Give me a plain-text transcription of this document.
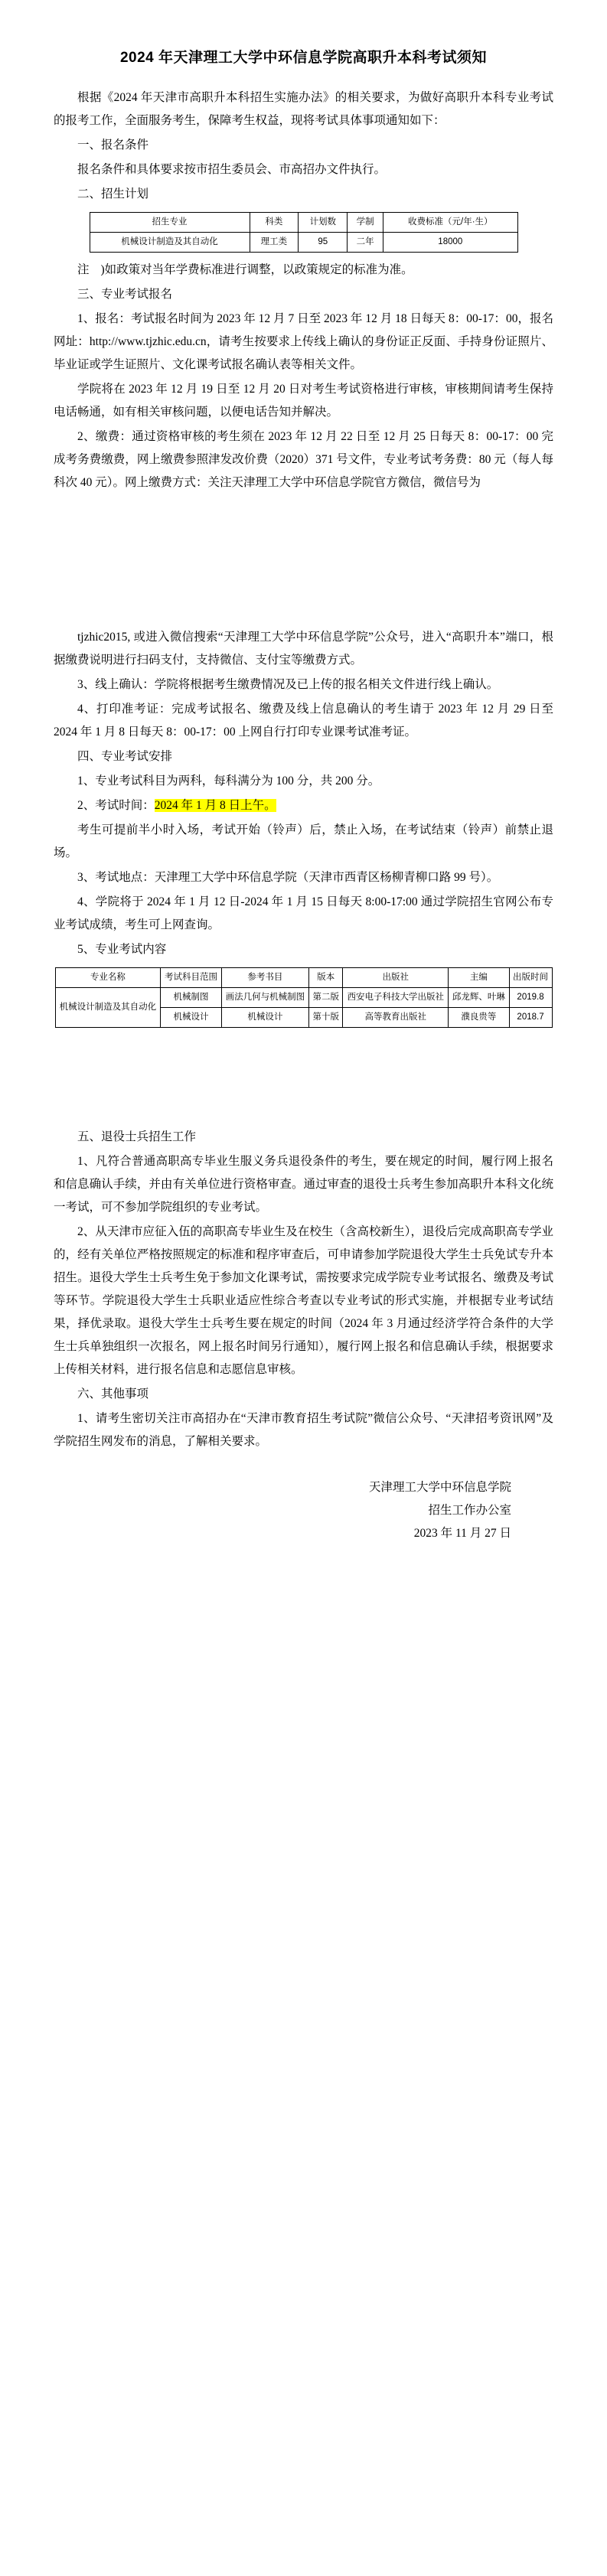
2024 年天津理工大学中环信息学院高职升本科考试须知

根据《2024 年天津市高职升本科招生实施办法》的相关要求，为做好高职升本科专业考试的报考工作，全面服务考生，保障考生权益，现将考试具体事项通知如下：

一、报名条件

报名条件和具体要求按市招生委员会、市高招办文件执行。

二、招生计划

招生专业	科类	计划数	学制	收费标准（元/年·生）
机械设计制造及其自动化	理工类	95	二年	18000

注ᅟ)如政策对当年学费标准进行调整，以政策规定的标准为准。

三、专业考试报名

1、报名：考试报名时间为 2023 年 12 月 7 日至 2023 年 12 月 18 日每天 8：00-17：00，报名网址：http://www.tjzhic.edu.cn，请考生按要求上传线上确认的身份证正反面、手持身份证照片、毕业证或学生证照片、文化课考试报名确认表等相关文件。

学院将在 2023 年 12 月 19 日至 12 月 20 日对考生考试资格进行审核，审核期间请考生保持电话畅通，如有相关审核问题，以便电话告知并解决。

2、缴费：通过资格审核的考生须在 2023 年 12 月 22 日至 12 月 25 日每天 8：00-17：00 完成考务费缴费，网上缴费参照津发改价费（2020）371 号文件，专业考试考务费：80 元（每人每科次 40 元）。网上缴费方式：关注天津理工大学中环信息学院官方微信，微信号为

tjzhic2015, 或进入微信搜索“天津理工大学中环信息学院”公众号，进入“高职升本”端口，根据缴费说明进行扫码支付，支持微信、支付宝等缴费方式。

3、线上确认：学院将根据考生缴费情况及已上传的报名相关文件进行线上确认。

4、打印准考证：完成考试报名、缴费及线上信息确认的考生请于 2023 年 12 月 29 日至 2024 年 1 月 8 日每天 8：00-17：00 上网自行打印专业课考试准考证。

四、专业考试安排

1、专业考试科目为两科，每科满分为 100 分，共 200 分。

2、考试时间：2024 年 1 月 8 日上午。

考生可提前半小时入场，考试开始（铃声）后，禁止入场，在考试结束（铃声）前禁止退场。

3、考试地点：天津理工大学中环信息学院（天津市西青区杨柳青柳口路 99 号）。

4、学院将于 2024 年 1 月 12 日-2024 年 1 月 15 日每天 8:00-17:00 通过学院招生官网公布专业考试成绩，考生可上网查询。

5、专业考试内容

专业名称	考试科目范围	参考书目	版本	出版社	主编	出版时间
机械设计制造及其自动化	机械制图	画法几何与机械制图	第二版	西安电子科技大学出版社	邱龙辉、叶琳	2019.8
	机械设计	机械设计	第十版	高等教育出版社	濮良贵等	2018.7

五、退役士兵招生工作

1、凡符合普通高职高专毕业生服义务兵退役条件的考生，要在规定的时间，履行网上报名和信息确认手续，并由有关单位进行资格审查。通过审查的退役士兵考生参加高职升本科文化统一考试，可不参加学院组织的专业考试。

2、从天津市应征入伍的高职高专毕业生及在校生（含高校新生），退役后完成高职高专学业的，经有关单位严格按照规定的标准和程序审查后，可申请参加学院退役大学生士兵免试专升本招生。退役大学生士兵考生免于参加文化课考试，需按要求完成学院专业考试报名、缴费及考试等环节。学院退役大学生士兵职业适应性综合考查以专业考试的形式实施，并根据专业考试结果，择优录取。退役大学生士兵考生要在规定的时间（2024 年 3 月通过经济学符合条件的大学生士兵单独组织一次报名，网上报名时间另行通知），履行网上报名和信息确认手续，根据要求上传相关材料，进行报名信息和志愿信息审核。

六、其他事项

1、请考生密切关注市高招办在“天津市教育招生考试院”微信公众号、“天津招考资讯网”及学院招生网发布的消息，了解相关要求。

天津理工大学中环信息学院
招生工作办公室
2023 年 11 月 27 日
